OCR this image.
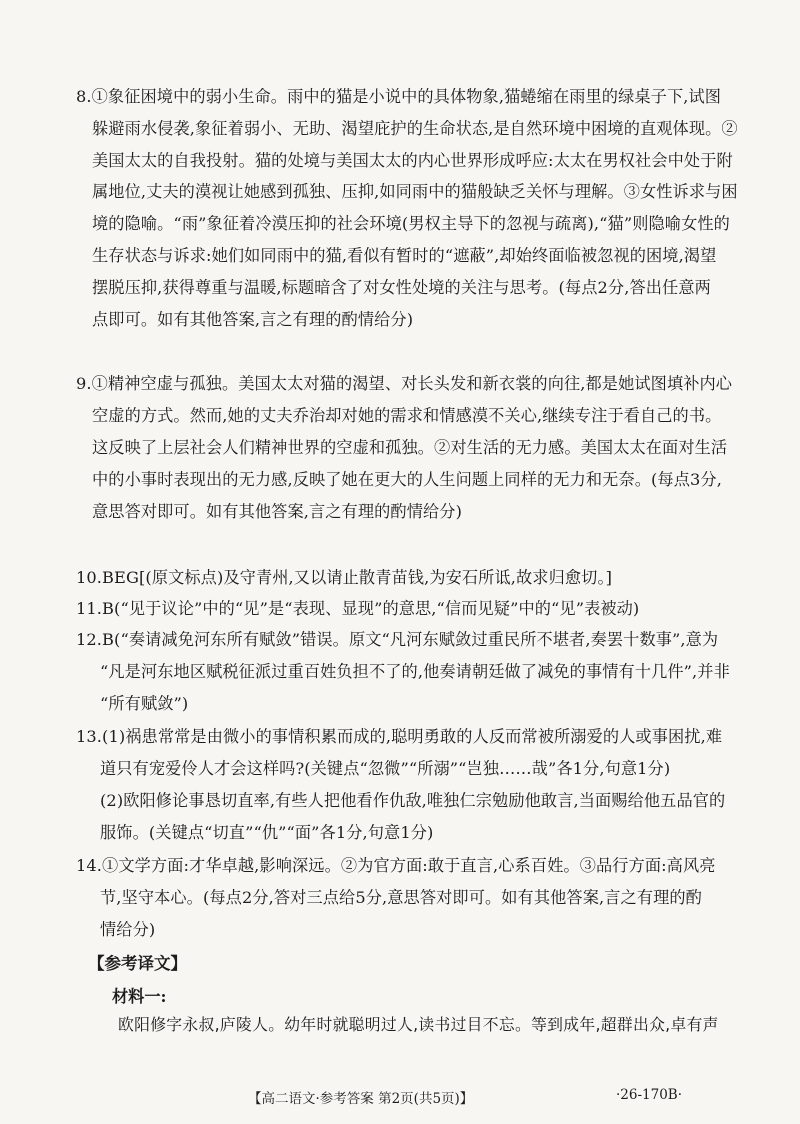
8.①象征困境中的弱小生命。雨中的猫是小说中的具体物象,猫蜷缩在雨里的绿桌子下,试图
躲避雨水侵袭,象征着弱小、无助、渴望庇护的生命状态,是自然环境中困境的直观体现。②
美国太太的自我投射。猫的处境与美国太太的内心世界形成呼应:太太在男权社会中处于附
属地位,丈夫的漠视让她感到孤独、压抑,如同雨中的猫般缺乏关怀与理解。③女性诉求与困
境的隐喻。“雨”象征着冷漠压抑的社会环境(男权主导下的忽视与疏离),“猫”则隐喻女性的
生存状态与诉求:她们如同雨中的猫,看似有暂时的“遮蔽”,却始终面临被忽视的困境,渴望
摆脱压抑,获得尊重与温暖,标题暗含了对女性处境的关注与思考。(每点2分,答出任意两
点即可。如有其他答案,言之有理的酌情给分)
9.①精神空虚与孤独。美国太太对猫的渴望、对长头发和新衣裳的向往,都是她试图填补内心
空虚的方式。然而,她的丈夫乔治却对她的需求和情感漠不关心,继续专注于看自己的书。
这反映了上层社会人们精神世界的空虚和孤独。②对生活的无力感。美国太太在面对生活
中的小事时表现出的无力感,反映了她在更大的人生问题上同样的无力和无奈。(每点3分,
意思答对即可。如有其他答案,言之有理的酌情给分)
10.BEG[(原文标点)及守青州,又以请止散青苗钱,为安石所诋,故求归愈切。]
11.B(“见于议论”中的“见”是“表现、显现”的意思,“信而见疑”中的“见”表被动)
12.B(“奏请减免河东所有赋敛”错误。原文“凡河东赋敛过重民所不堪者,奏罢十数事”,意为
“凡是河东地区赋税征派过重百姓负担不了的,他奏请朝廷做了减免的事情有十几件”,并非
“所有赋敛”)
13.(1)祸患常常是由微小的事情积累而成的,聪明勇敢的人反而常被所溺爱的人或事困扰,难
道只有宠爱伶人才会这样吗?(关键点“忽微”“所溺”“岂独……哉”各1分,句意1分)
(2)欧阳修论事恳切直率,有些人把他看作仇敌,唯独仁宗勉励他敢言,当面赐给他五品官的
服饰。(关键点“切直”“仇”“面”各1分,句意1分)
14.①文学方面:才华卓越,影响深远。②为官方面:敢于直言,心系百姓。③品行方面:高风亮
节,坚守本心。(每点2分,答对三点给5分,意思答对即可。如有其他答案,言之有理的酌
情给分)
【参考译文】
材料一:
欧阳修字永叔,庐陵人。幼年时就聪明过人,读书过目不忘。等到成年,超群出众,卓有声
【高二语文·参考答案 第2页(共5页)】	·26-170B·
